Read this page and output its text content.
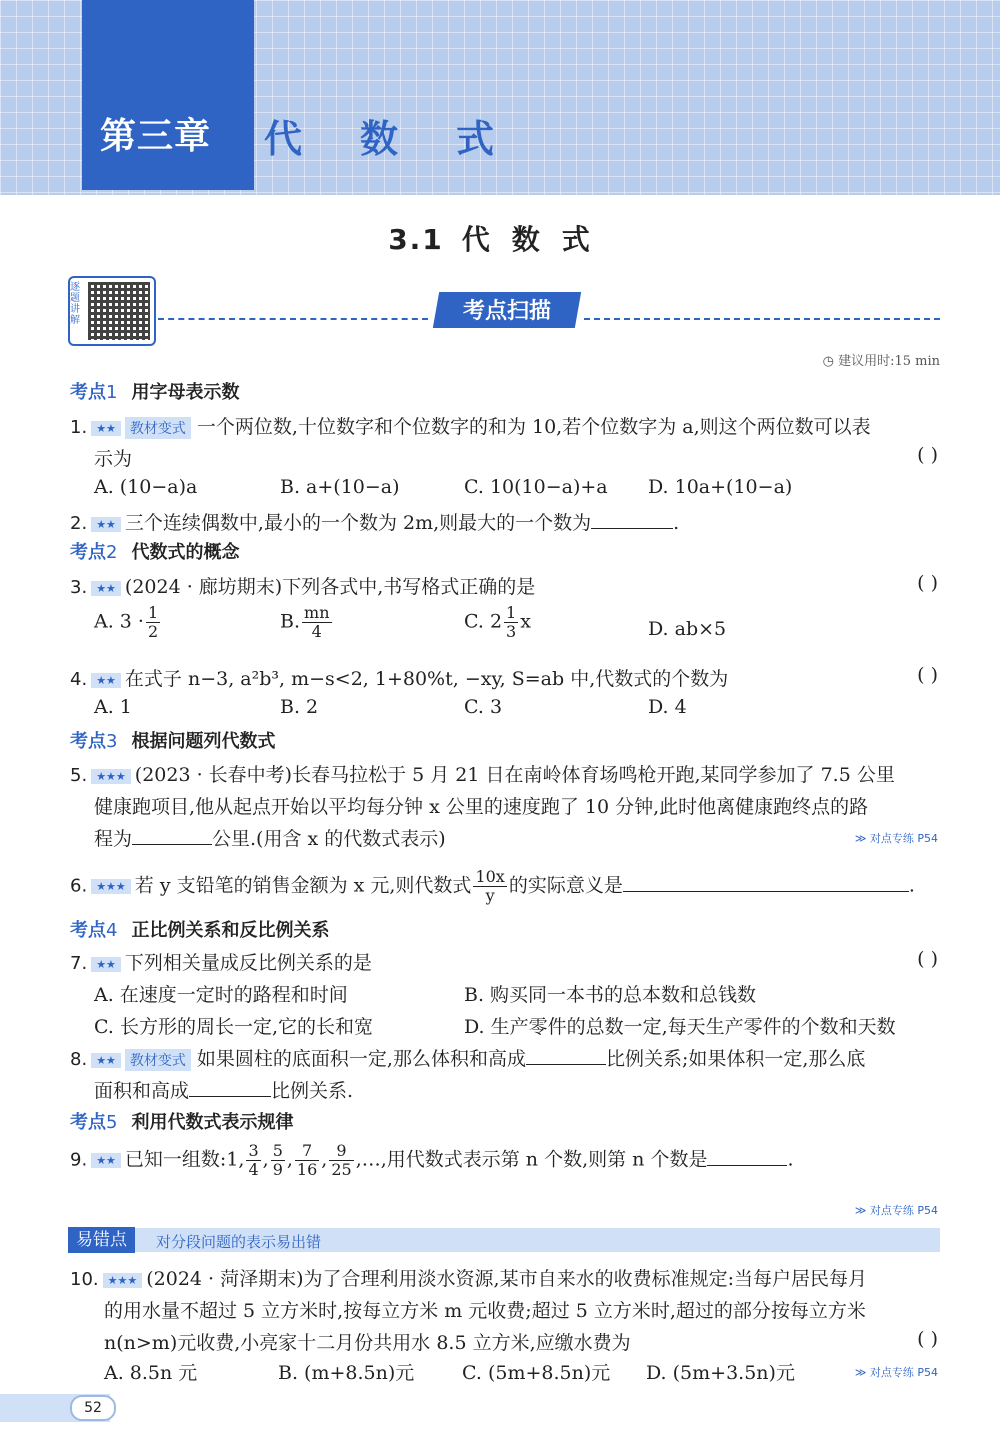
第三章 代数式
3.1 代数式
逐题讲解	考点扫描
◷ 建议用时:15 min
考点1 用字母表示数
1. ★★ 教材变式 一个两位数,十位数字和个位数字的和为 10,若个位数字为 a,则这个两位数可以表
示为	( )
A. (10−a)a	B. a+(10−a)	C. 10(10−a)+a D. 10a+(10−a)
2. ★★ 三个连续偶数中,最小的一个数为 2m,则最大的一个数为	.
考点2 代数式的概念
3. ★★ (2024 · 廊坊期末)下列各式中,书写格式正确的是	( )
A. $3 \cdot \frac{1}{2}$	B. $\frac{mn}{4}$	C. $2 \frac{1}{3}$ x	D. ab×5
4. ★★ 在式子 n−3, a²b³, m−s<2, 1+80%t, −xy, S=ab 中,代数式的个数为	( )
A. 1	B. 2	C. 3	D. 4
考点3 根据问题列代数式
5. ★★★ (2023 · 长春中考)长春马拉松于 5 月 21 日在南岭体育场鸣枪开跑,某同学参加了 7.5 公里
健康跑项目,他从起点开始以平均每分钟 x 公里的速度跑了 10 分钟,此时他离健康跑终点的路
程为	公里.(用含 x 的代数式表示)	≫ 对点专练 P54
6. ★★★ 若 y 支铅笔的销售金额为 x 元,则代数式 $\frac{10x}{y}$ 的实际意义是	.
考点4 正比例关系和反比例关系
7. ★★ 下列相关量成反比例关系的是	( )
A. 在速度一定时的路程和时间	B. 购买同一本书的总本数和总钱数
C. 长方形的周长一定,它的长和宽	D. 生产零件的总数一定,每天生产零件的个数和天数
8. ★★ 教材变式 如果圆柱的底面积一定,那么体积和高成	比例关系;如果体积一定,那么底
面积和高成	比例关系.
考点5 利用代数式表示规律
9. ★★ 已知一组数:1, $\frac{3}{4}$ , $\frac{5}{9}$ , $\frac{7}{16}$ , $\frac{9}{25}$ ,…,用代数式表示第 n 个数,则第 n 个数是	.
≫ 对点专练 P54
易错点	对分段问题的表示易出错
10. ★★★ (2024 · 菏泽期末)为了合理利用淡水资源,某市自来水的收费标准规定:当每户居民每月
的用水量不超过 5 立方米时,按每立方米 m 元收费;超过 5 立方米时,超过的部分按每立方米
n(n>m)元收费,小亮家十二月份共用水 8.5 立方米,应缴水费为	( )
A. 8.5n 元	B. (m+8.5n)元	C. (5m+8.5n)元 D. (5m+3.5n)元	≫ 对点专练 P54
52
